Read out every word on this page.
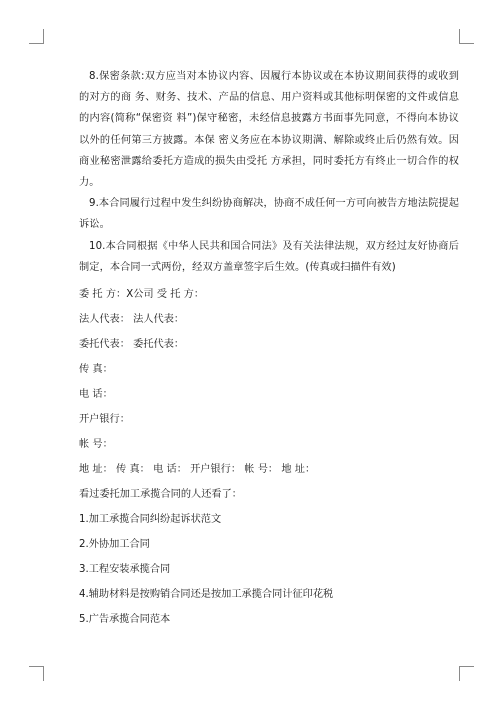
8.保密条款:双方应当对本协议内容、因履行本协议或在本协议期间获得的或收到的对方的商 务、财务、技术、产品的信息、用户资料或其他标明保密的文件或信息的内容(简称“保密资 料”)保守秘密，未经信息披露方书面事先同意，不得向本协议以外的任何第三方披露。本保 密义务应在本协议期满、解除或终止后仍然有效。因商业秘密泄露给委托方造成的损失由受托 方承担，同时委托方有终止一切合作的权力。

9.本合同履行过程中发生纠纷协商解决，协商不成任何一方可向被告方地法院提起诉讼。

10.本合同根据《中华人民共和国合同法》及有关法律法规，双方经过友好协商后制定，本合同一式两份，经双方盖章签字后生效。(传真或扫描件有效)

委 托 方：X公司 受 托 方：

法人代表： 法人代表：

委托代表： 委托代表：

传 真：

电 话：

开户银行：

帐 号：

地 址： 传 真： 电 话： 开户银行： 帐 号： 地 址：

看过委托加工承揽合同的人还看了：

1.加工承揽合同纠纷起诉状范文

2.外协加工合同

3.工程安装承揽合同

4.辅助材料是按购销合同还是按加工承揽合同计征印花税

5.广告承揽合同范本
